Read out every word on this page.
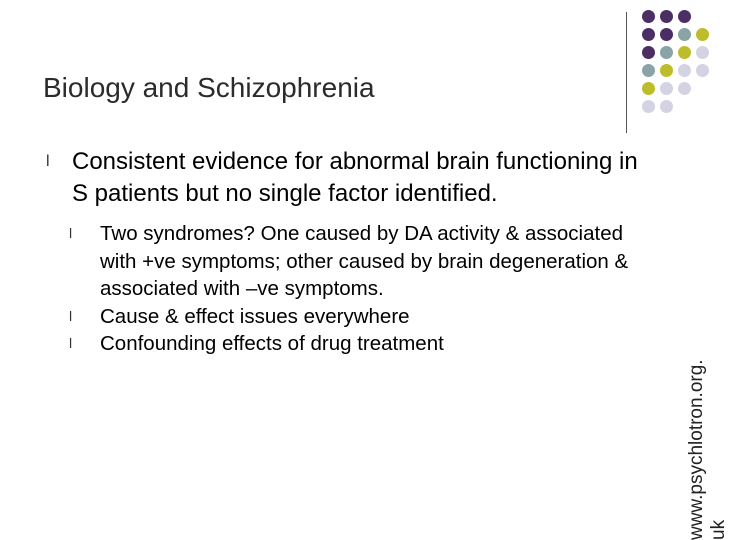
Biology and Schizophrenia
l Consistent evidence for abnormal brain functioning in S patients but no single factor identified.
l Two syndromes? One caused by DA activity & associated with +ve symptoms; other caused by brain degeneration & associated with –ve symptoms.
l Cause & effect issues everywhere
l Confounding effects of drug treatment
www.psychlotron.org. uk
